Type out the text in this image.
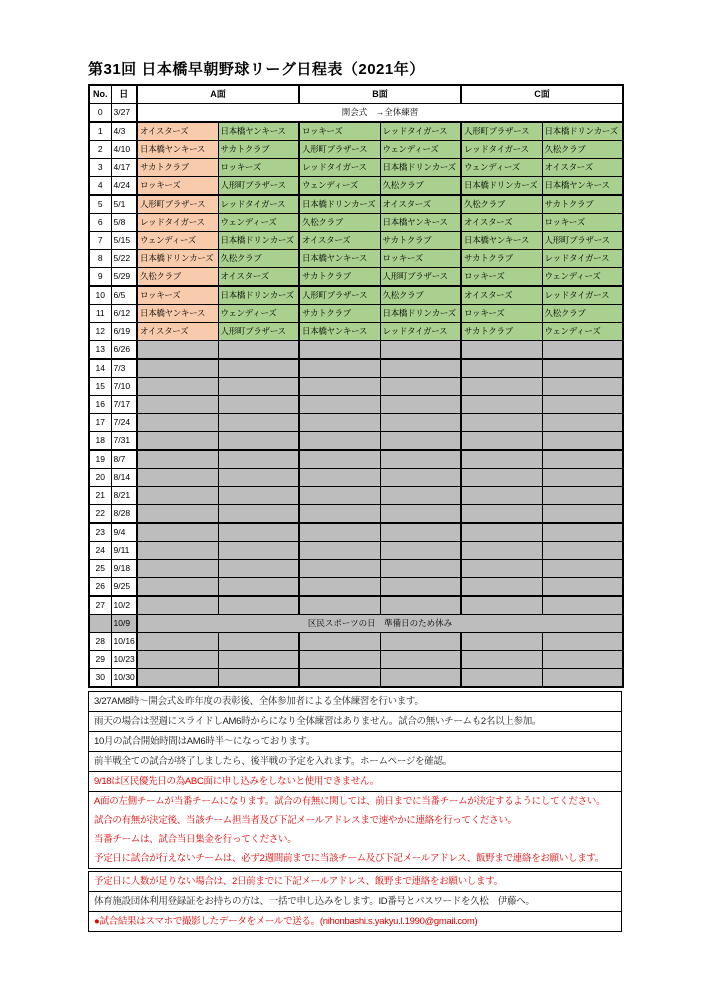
第31回 日本橋早朝野球リーグ日程表（2021年）
No.	日	A面		B面		C面	
0	3/27	開会式　→全体練習					
1	4/3	オイスターズ	日本橋ヤンキース	ロッキーズ	レッドタイガース	人形町ブラザース	日本橋ドリンカーズ
2	4/10	日本橋ヤンキース	サカトクラブ	人形町ブラザース	ウェンディーズ	レッドタイガース	久松クラブ
3	4/17	サカトクラブ	ロッキーズ	レッドタイガース	日本橋ドリンカーズ	ウェンディーズ	オイスターズ
4	4/24	ロッキーズ	人形町ブラザース	ウェンディーズ	久松クラブ	日本橋ドリンカーズ	日本橋ヤンキース
5	5/1	人形町ブラザース	レッドタイガース	日本橋ドリンカーズ	オイスターズ	久松クラブ	サカトクラブ
6	5/8	レッドタイガース	ウェンディーズ	久松クラブ	日本橋ヤンキース	オイスターズ	ロッキーズ
7	5/15	ウェンディーズ	日本橋ドリンカーズ	オイスターズ	サカトクラブ	日本橋ヤンキース	人形町ブラザース
8	5/22	日本橋ドリンカーズ	久松クラブ	日本橋ヤンキース	ロッキーズ	サカトクラブ	レッドタイガース
9	5/29	久松クラブ	オイスターズ	サカトクラブ	人形町ブラザース	ロッキーズ	ウェンディーズ
10	6/5	ロッキーズ	日本橋ドリンカーズ	人形町ブラザース	久松クラブ	オイスターズ	レッドタイガース
11	6/12	日本橋ヤンキース	ウェンディーズ	サカトクラブ	日本橋ドリンカーズ	ロッキーズ	久松クラブ
12	6/19	オイスターズ	人形町ブラザース	日本橋ヤンキース	レッドタイガース	サカトクラブ	ウェンディーズ
13	6/26						
14	7/3						
15	7/10						
16	7/17						
17	7/24						
18	7/31						
19	8/7						
20	8/14						
21	8/21						
22	8/28						
23	9/4						
24	9/11						
25	9/18						
26	9/25						
27	10/2						
	10/9	区民スポーツの日　準備日のため休み					
28	10/16						
29	10/23						
30	10/30						
3/27AM8時～開会式＆昨年度の表彰後、全体参加者による全体練習を行います。
雨天の場合は翌週にスライドしAM6時からになり全体練習はありません。試合の無いチームも2名以上参加。
10月の試合開始時間はAM6時半～になっております。
前半戦全ての試合が終了しましたら、後半戦の予定を入れます。ホームページを確認。
9/18は区民優先日の為ABC面に申し込みをしないと使用できません。
A面の左側チームが当番チームになります。試合の有無に関しては、前日までに当番チームが決定するようにしてください。
試合の有無が決定後、当該チーム担当者及び下記メールアドレスまで速やかに連絡を行ってください。
当番チームは、試合当日集金を行ってください。
予定日に試合が行えないチームは、必ず2週間前までに当該チーム及び下記メールアドレス、飯野まで連絡をお願いします。
予定日に人数が足りない場合は、2日前までに下記メールアドレス、飯野まで連絡をお願いします。
体育施設団体利用登録証をお持ちの方は、一括で申し込みをします。ID番号とパスワードを久松　伊藤へ。
●試合結果はスマホで撮影したデータをメールで送る。(nihonbashi.s.yakyu.l.1990@gmail.com)
